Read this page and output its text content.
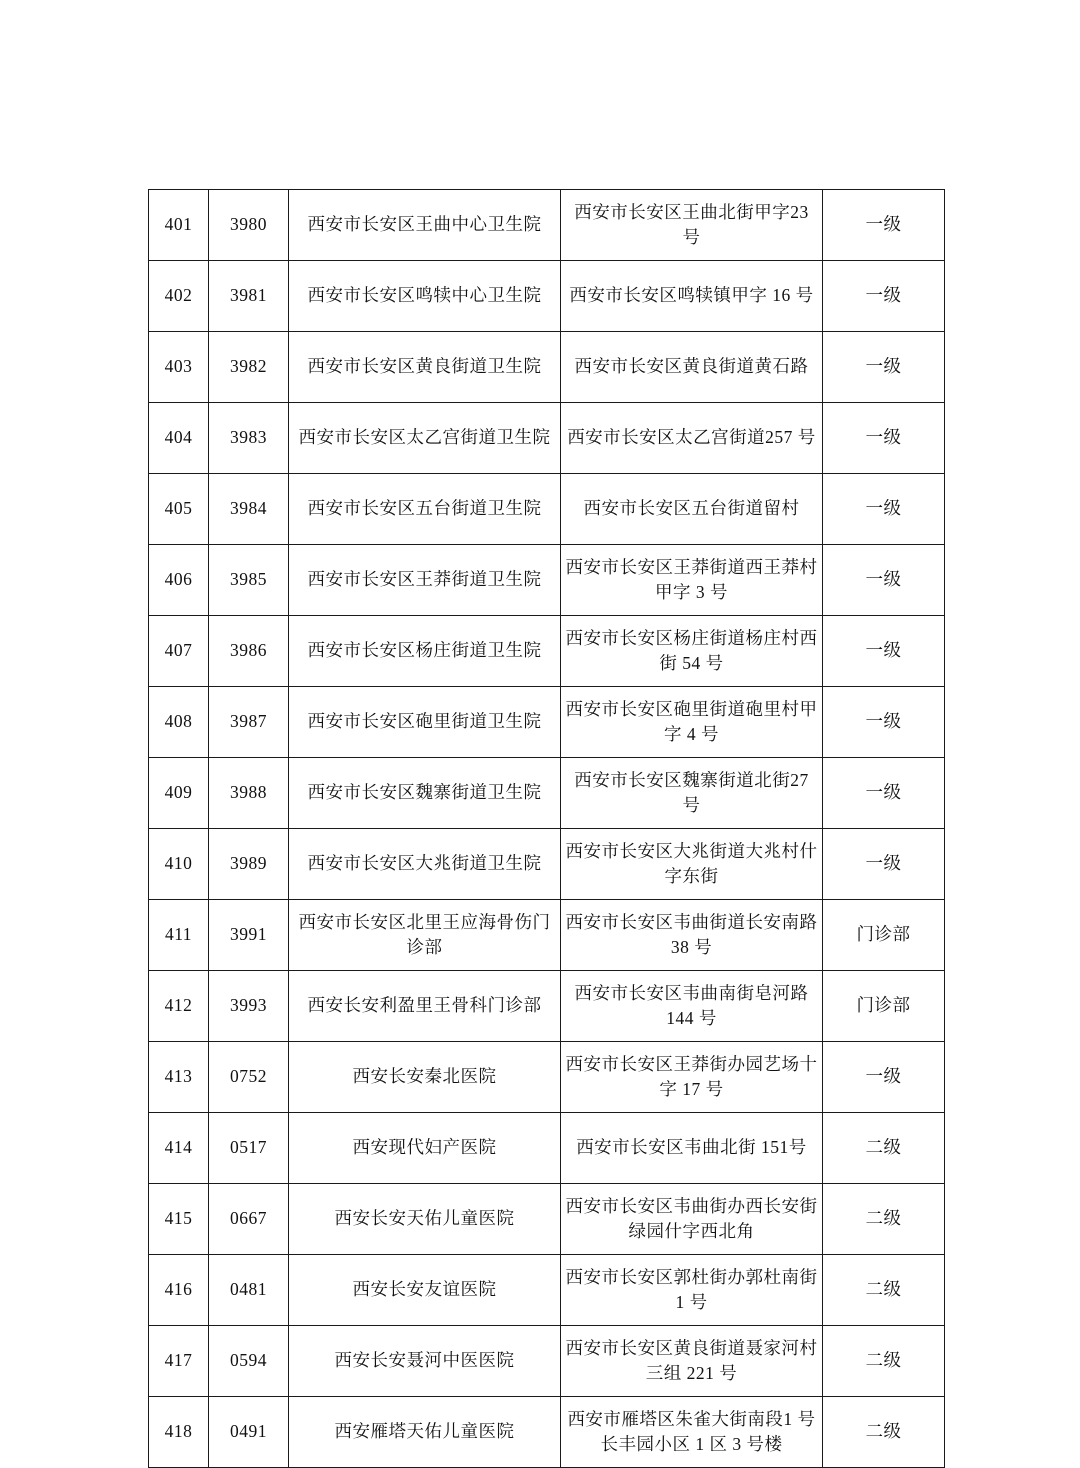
401	3980	西安市长安区王曲中心卫生院	西安市长安区王曲北街甲字23 号	一级
402	3981	西安市长安区鸣犊中心卫生院	西安市长安区鸣犊镇甲字 16 号	一级
403	3982	西安市长安区黄良街道卫生院	西安市长安区黄良街道黄石路	一级
404	3983	西安市长安区太乙宫街道卫生院	西安市长安区太乙宫街道257 号	一级
405	3984	西安市长安区五台街道卫生院	西安市长安区五台街道留村	一级
406	3985	西安市长安区王莽街道卫生院	西安市长安区王莽街道西王莽村甲字 3 号	一级
407	3986	西安市长安区杨庄街道卫生院	西安市长安区杨庄街道杨庄村西街 54 号	一级
408	3987	西安市长安区砲里街道卫生院	西安市长安区砲里街道砲里村甲字 4 号	一级
409	3988	西安市长安区魏寨街道卫生院	西安市长安区魏寨街道北街27 号	一级
410	3989	西安市长安区大兆街道卫生院	西安市长安区大兆街道大兆村什字东街	一级
411	3991	西安市长安区北里王应海骨伤门诊部	西安市长安区韦曲街道长安南路 38 号	门诊部
412	3993	西安长安利盈里王骨科门诊部	西安市长安区韦曲南街皂河路 144 号	门诊部
413	0752	西安长安秦北医院	西安市长安区王莽街办园艺场十字 17 号	一级
414	0517	西安现代妇产医院	西安市长安区韦曲北街 151号	二级
415	0667	西安长安天佑儿童医院	西安市长安区韦曲街办西长安街绿园什字西北角	二级
416	0481	西安长安友谊医院	西安市长安区郭杜街办郭杜南街 1 号	二级
417	0594	西安长安聂河中医医院	西安市长安区黄良街道聂家河村三组 221 号	二级
418	0491	西安雁塔天佑儿童医院	西安市雁塔区朱雀大街南段1 号长丰园小区 1 区 3 号楼	二级
